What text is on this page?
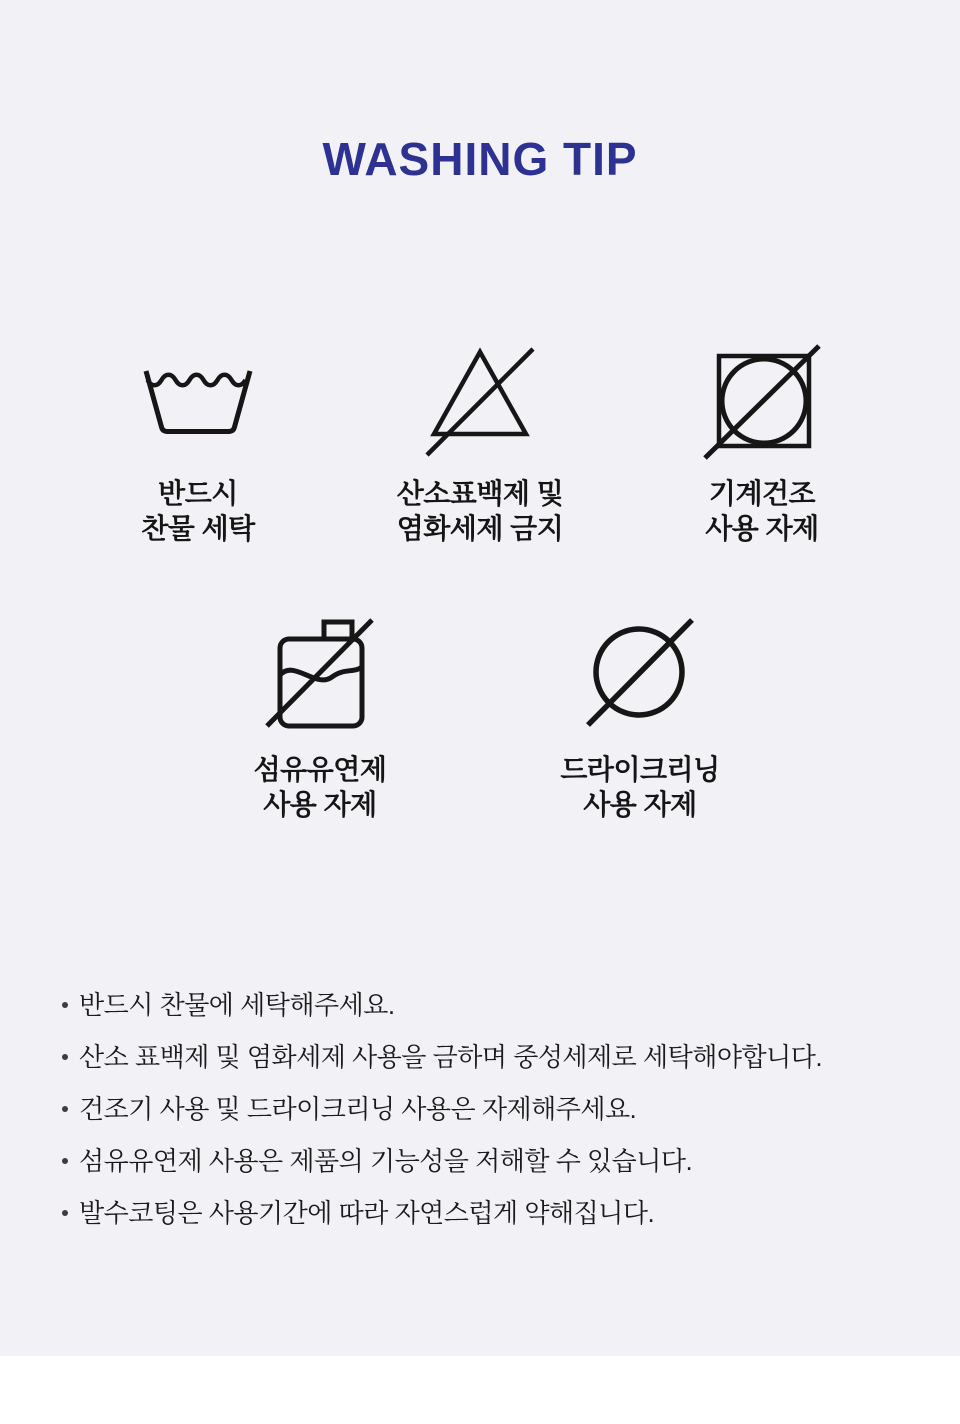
WASHING TIP
반드시
찬물 세탁
산소표백제 및
염화세제 금지
기계건조
사용 자제
섬유유연제
사용 자제
드라이크리닝
사용 자제
반드시 찬물에 세탁해주세요.
산소 표백제 및 염화세제 사용을 금하며 중성세제로 세탁해야합니다.
건조기 사용 및 드라이크리닝 사용은 자제해주세요.
섬유유연제 사용은 제품의 기능성을 저해할 수 있습니다.
발수코팅은 사용기간에 따라 자연스럽게 약해집니다.
